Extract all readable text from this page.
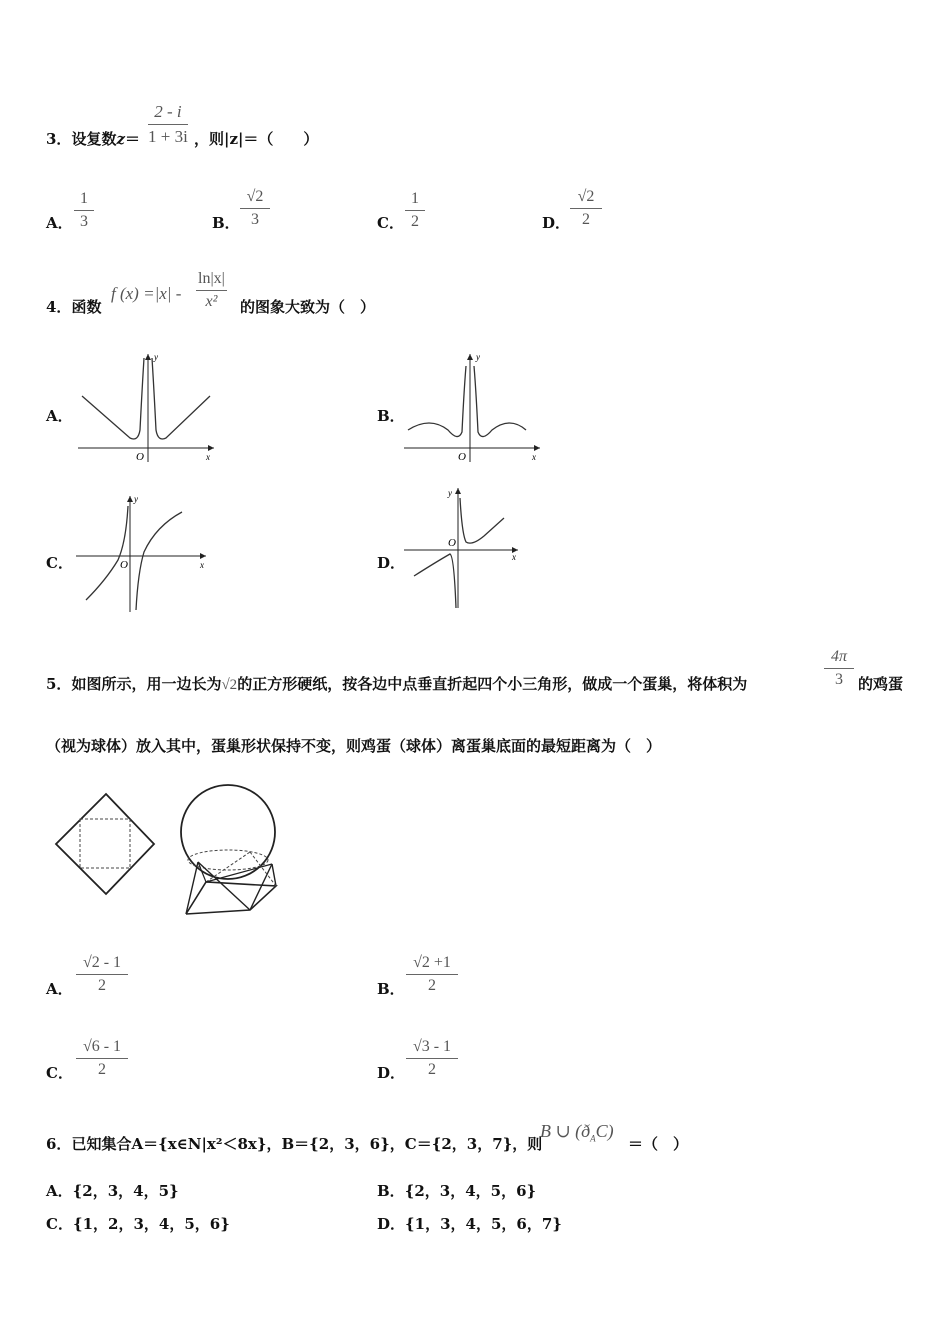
3．设复数z＝
2 - i
1 + 3i ，则|z|＝（　　）
A．
1
3	B．
√2
3	C．
1
2	D．
√2
2
4．函数
f (x) =|x| -
ln|x|
x²	的图象大致为（　）
A．
y
x
O
B．
y
x
O
C．
y
x
O	D．
y
x
O
5．如图所示，用一边长为√2的正方形硬纸，按各边中点垂直折起四个小三角形，做成一个蛋巢，将体积为
4π
3	的鸡蛋
（视为球体）放入其中，蛋巢形状保持不变，则鸡蛋（球体）离蛋巢底面的最短距离为（　）
A．
√2 - 1
2	B．
√2 +1
2
C．
√6 - 1
2	D．
√3 - 1
2
6．已知集合A＝{x∈N|x²＜8x}，B＝{2，3，6}，C＝{2，3，7}，则
B ∪ $(ð_AC)$
＝（　）
A．{2，3，4，5}	B．{2，3，4，5，6}
C．{1，2，3，4，5，6}	D．{1，3，4，5，6，7}
